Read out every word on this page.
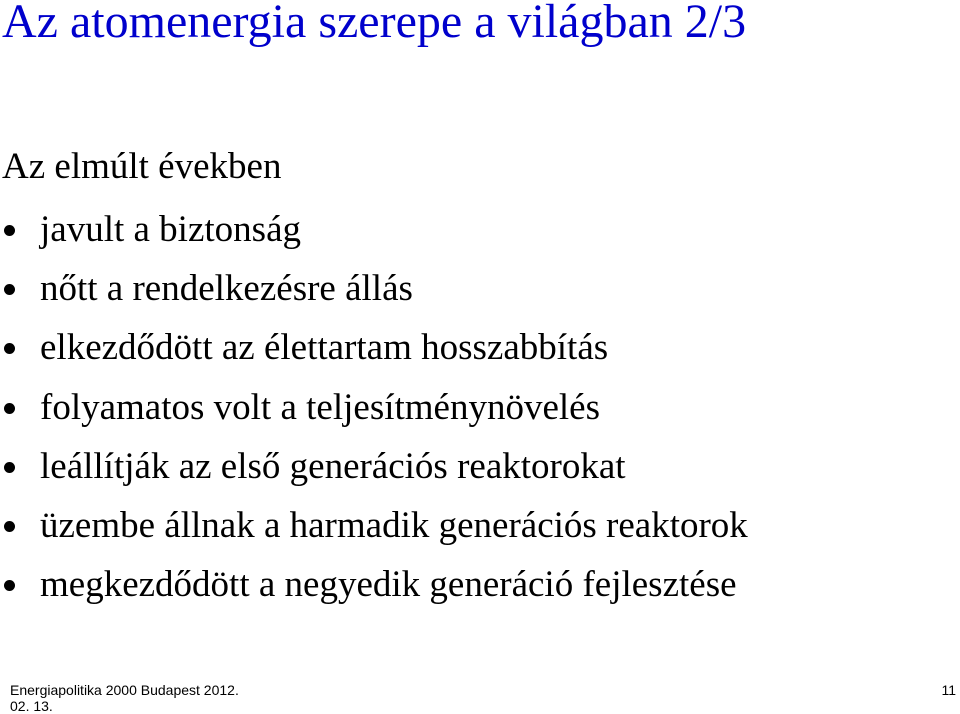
Az atomenergia szerepe a világban 2/3
Az elmúlt években
javult a biztonság
nőtt a rendelkezésre állás
elkezdődött az élettartam hosszabbítás
folyamatos volt a teljesítménynövelés
leállítják az első generációs reaktorokat
üzembe állnak a harmadik generációs reaktorok
megkezdődött a negyedik generáció fejlesztése
Energiapolitika 2000 Budapest 2012. 02. 13.
11
